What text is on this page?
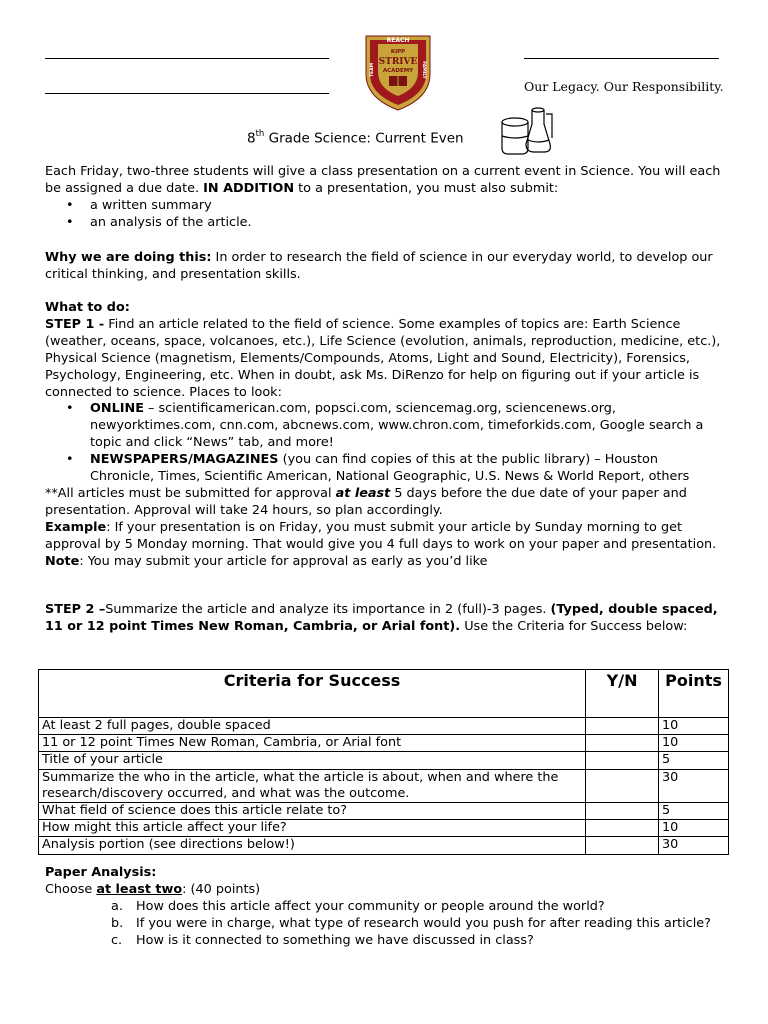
REACH
KIPP
STRIVE
ACADEMY
TEAM	FAMILY
Our Legacy. Our Responsibility.
8th Grade Science: Current Even

Each Friday, two-three students will give a class presentation on a current event in Science. You will each be assigned a due date. IN ADDITION to a presentation, you must also submit:

• a written summary
• an analysis of the article.

Why we are doing this: In order to research the field of science in our everyday world, to develop our critical thinking, and presentation skills.

What to do:

STEP 1 - Find an article related to the field of science. Some examples of topics are: Earth Science (weather, oceans, space, volcanoes, etc.), Life Science (evolution, animals, reproduction, medicine, etc.), Physical Science (magnetism, Elements/Compounds, Atoms, Light and Sound, Electricity), Forensics, Psychology, Engineering, etc. When in doubt, ask Ms. DiRenzo for help on figuring out if your article is connected to science. Places to look:

• ONLINE – scientificamerican.com, popsci.com, sciencemag.org, sciencenews.org, newyorktimes.com, cnn.com, abcnews.com, www.chron.com, timeforkids.com, Google search a topic and click “News” tab, and more!
• NEWSPAPERS/MAGAZINES (you can find copies of this at the public library) – Houston Chronicle, Times, Scientific American, National Geographic, U.S. News & World Report, others

**All articles must be submitted for approval at least 5 days before the due date of your paper and presentation. Approval will take 24 hours, so plan accordingly.

Example: If your presentation is on Friday, you must submit your article by Sunday morning to get approval by 5 Monday morning. That would give you 4 full days to work on your paper and presentation. Note: You may submit your article for approval as early as you’d like

STEP 2 –Summarize the article and analyze its importance in 2 (full)-3 pages. (Typed, double spaced, 11 or 12 point Times New Roman, Cambria, or Arial font). Use the Criteria for Success below:

Criteria for Success	Y/N	Points
At least 2 full pages, double spaced		10
11 or 12 point Times New Roman, Cambria, or Arial font		10
Title of your article		5
Summarize the who in the article, what the article is about, when and where the research/discovery occurred, and what was the outcome.		30
What field of science does this article relate to?		5
How might this article affect your life?		10
Analysis portion (see directions below!)		30

Paper Analysis:

Choose at least two: (40 points)

a. How does this article affect your community or people around the world?
b. If you were in charge, what type of research would you push for after reading this article?
c. How is it connected to something we have discussed in class?
